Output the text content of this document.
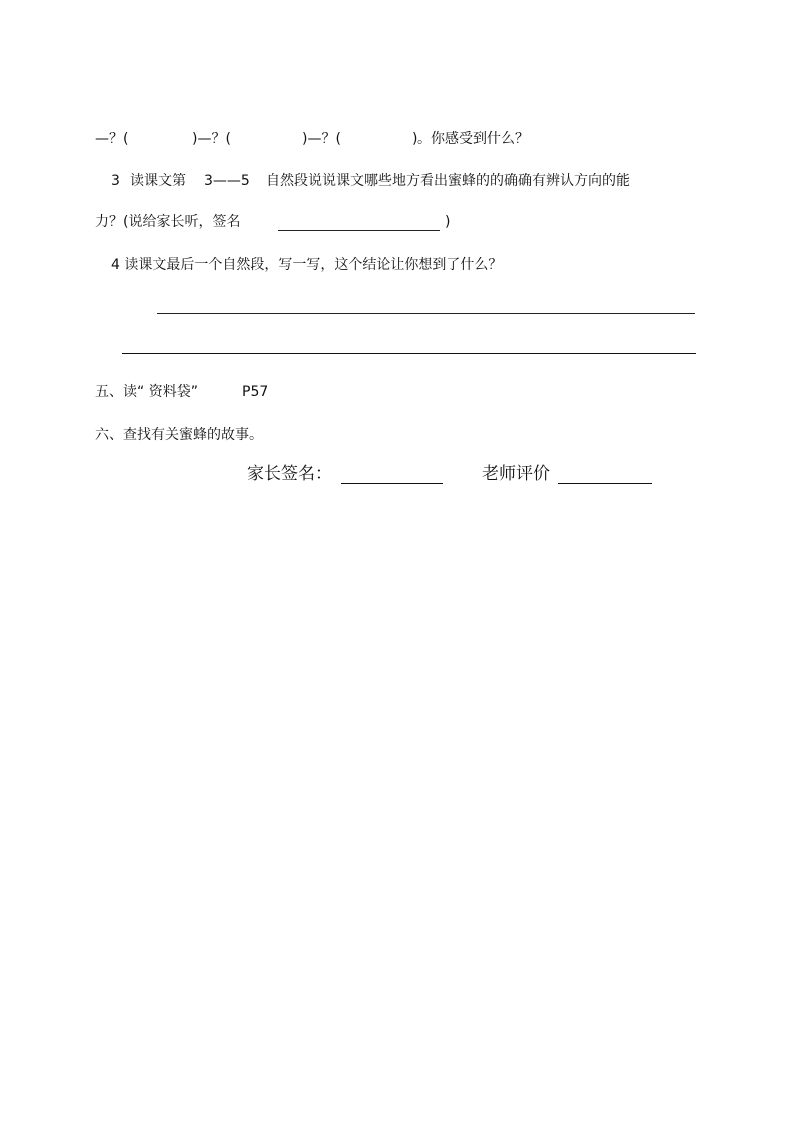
—？(	)—？(	)—？(	) 。你感受到什么？
3 读课文第 3——5 自然段说说课文哪些地方看出蜜蜂的的确确有辨认方向的能
力？(说给家长听，签名	)
4 读课文最后一个自然段，写一写，这个结论让你想到了什么？
五、读“ 资料袋”	P57
六、查找有关蜜蜂的故事。
家长签名：	老师评价
